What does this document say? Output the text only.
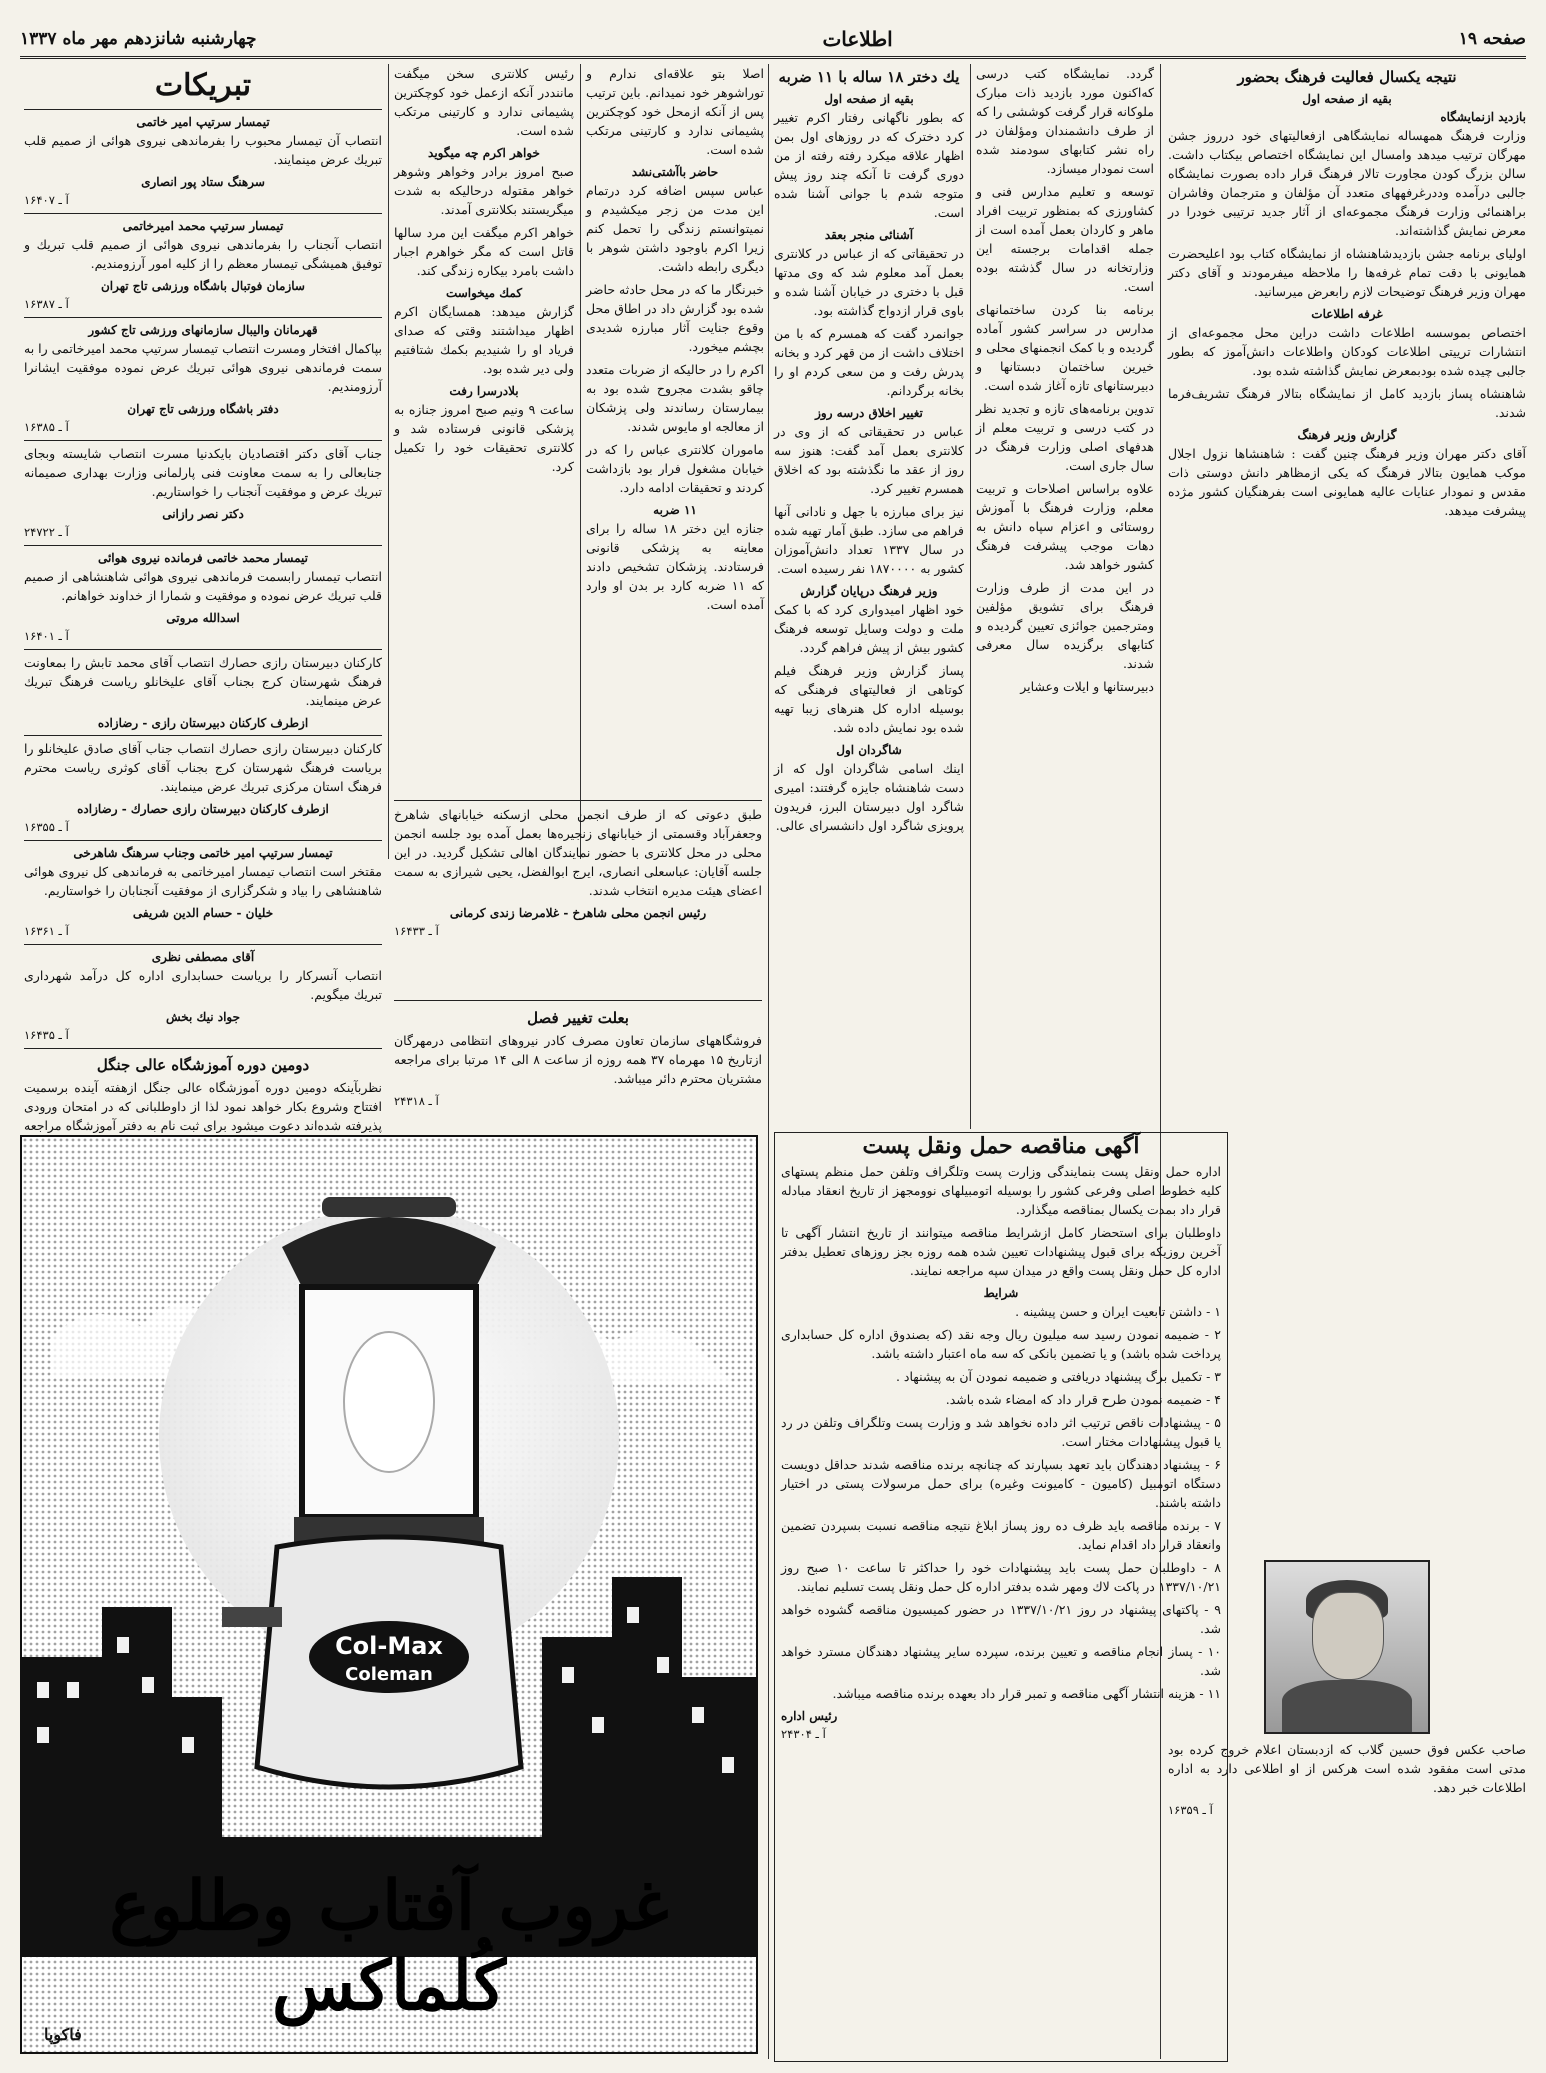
صفحه ۱۹
اطلاعات
چهارشنبه شانزدهم مهر ماه ۱۳۳۷
نتیجه یکسال فعالیت فرهنگ بحضور
بقیه از صفحه اول
بازدید ازنمایشگاه

وزارت فرهنگ همهساله نمایشگاهی ازفعالیتهای خود درروز جشن مهرگان ترتیب میدهد وامسال این نمایشگاه اختصاص بیکتاب داشت. سالن بزرگ کودن مجاورت تالار فرهنگ قرار داده بصورت نمایشگاه جالبی درآمده وددرغرفههای متعدد آن‌ مؤلفان و مترجمان وفاشران براهنمائی وزارت فرهنگ مجموعه‌ای از آثار جدید ترتیبی خودرا در معرض نمایش گذاشته‌اند.

اولیای برنامه جشن بازدیدشاهنشاه از نمایشگاه کتاب بود اعلیحضرت همایونی با دقت تمام غرفه‌ها را ملاحظه میفرمودند و آقای دکتر مهران وزیر فرهنگ توضیحات لازم رابعرض میرسانید.

غرفه اطلاعات

اختصاص بموسسه اطلاعات داشت دراین محل مجموعه‌ای از انتشارات ترییتی اطلاعات کودکان واطلاعات دانش‌آموز که بطور جالبی چیده شده بودبمعرض نمایش گذاشته شده بود.

شاهنشاه پساز بازدید کامل از نمایشگاه بتالار فرهنگ تشریف‌فرما شدند.

گزارش وزیر فرهنگ

آقای دکتر مهران وزیر فرهنگ چنین گفت : شاهنشاها نزول اجلال موکب همایون بتالار فرهنگ که یکی ازمظاهر دانش دوستی ذات مقدس و نمودار عنایات عالیه همایونی است بفرهنگیان کشور مژده پیشرفت میدهد.

صاحب عکس فوق حسین گلاب که ازدبستان اعلام خروج کرده بود مدتی است مفقود شده است هرکس از او اطلاعی دارد به اداره اطلاعات خبر دهد.

آ ـ ۱۶۳۵۹

گردد. نمایشگاه کتب درسی که‌اکنون مورد بازدید ذات مبارک ملوکانه قرار گرفت کوششی را که از طرف دانشمندان ومؤلفان در راه نشر کتابهای سودمند شده است نمودار میسازد.

توسعه و تعلیم مدارس فنی و کشاورزی که بمنظور تربیت افراد ماهر و کاردان بعمل آمده است از جمله اقدامات برجسته این وزارتخانه در سال گذشته بوده است.

برنامه بنا کردن ساختمانهای مدارس در سراسر کشور آماده گردیده و با کمک انجمنهای محلی و خیرین ساختمان دبستانها و دبیرستانهای تازه آغاز شده است.

تدوین برنامه‌های تازه و تجدید نظر در کتب درسی و تربیت معلم از هدفهای اصلی وزارت فرهنگ در سال جاری است.

علاوه براساس اصلاحات و تربیت معلم، وزارت فرهنگ با آموزش روستائی و اعزام سپاه دانش به دهات موجب پیشرفت فرهنگ کشور خواهد شد.

در این مدت از طرف وزارت فرهنگ برای تشویق مؤلفین ومترجمین جوائزی تعیین گردیده و کتابهای برگزیده سال معرفی شدند.

دبیرستانها و ایلات وعشایر

یك دختر ۱۸ ساله با ۱۱ ضربه
بقیه از صفحه اول

که بطور ناگهانی رفتار اکرم تغییر کرد دخترک‌ که در روزهای اول بمن اظهار علاقه میکرد رفته رفته از من دوری گرفت تا آنکه چند روز پیش متوجه شدم با جوانی آشنا شده است.

آشنائی منجر بعقد

در تحقیقاتی که از عباس در کلانتری بعمل آمد معلوم شد که وی مدتها قبل با دختری در خیابان آشنا شده و باوی قرار ازدواج گذاشته بود.

جوانمرد گفت که همسرم که با من اختلاف داشت از من قهر کرد و بخانه پدرش رفت و من سعی کردم او را بخانه برگردانم.

تغییر اخلاق درسه روز

عباس در تحقیقاتی که از وی در کلانتری بعمل آمد گفت: هنوز سه روز از عقد ما نگذشته بود که اخلاق همسرم تغییر کرد.

نیز برای مبارزه با جهل و نادانی آنها فراهم می سازد. طبق آمار تهیه شده در سال ۱۳۳۷ تعداد دانش‌آموزان کشور به ۱۸۷۰۰۰۰ نفر رسیده است.

وزیر فرهنگ درپایان گزارش

خود اظهار امیدواری کرد که با کمک ملت و دولت وسایل توسعه فرهنگ کشور بیش از پیش فراهم گردد.

پساز گزارش وزیر فرهنگ فیلم کوتاهی از فعالیتهای فرهنگی که بوسیله اداره کل هنرهای زیبا تهیه شده بود نمایش داده شد.

شاگردان اول

اینك اسامی شاگردان اول که از دست شاهنشاه جایزه گرفتند: امیری شاگرد اول دبیرستان البرز، فریدون پرویزی شاگرد اول دانشسرای عالی.

اصلا بتو علاقه‌ای ندارم و توراشوهر خود نمیدانم. باین ترتیب پس از آنکه ازمحل خود کوچکترین پشیمانی ندارد و کارتینی مرتکب شده است.

حاضر باآشتی‌نشد

عباس سپس اضافه کرد درتمام این مدت من زجر میکشیدم و نمیتوانستم زندگی را تحمل کنم زیرا اکرم باوجود داشتن شوهر با دیگری رابطه داشت.

خبرنگار ما که در محل حادثه حاضر شده بود گزارش داد در اطاق محل وقوع جنایت آثار مبارزه شدیدی بچشم میخورد.

اکرم را در حالیکه از ضربات متعدد چاقو بشدت مجروح شده بود به بیمارستان رساندند ولی پزشکان از معالجه او مایوس شدند.

ماموران کلانتری عباس را که در خیابان مشغول فرار بود بازداشت کردند و تحقیقات ادامه دارد.

۱۱ ضربه

جنازه این دختر ۱۸ ساله را برای معاینه به پزشکی قانونی فرستادند. پزشکان تشخیص دادند که ۱۱ ضربه کارد بر بدن او وارد آمده است.

رئیس کلانتری سخن میگفت ماننددر آنکه ازعمل خود کوچکترین پشیمانی ندارد و کارتینی مرتکب شده است.

خواهر اکرم چه میگوید

صبح امروز برادر وخواهر وشوهر خواهر مقتوله درحالیکه به شدت میگریستند بکلانتری آمدند.

خواهر اکرم میگفت این مرد سالها قاتل است که مگر خواهرم اجبار داشت بامرد بیکاره زندگی کند.

کمك میخواست

گزارش میدهد: همسایگان اکرم اظهار میداشتند وقتی که صدای فریاد او را شنیدیم بکمك شتافتیم ولی دیر شده بود.

بلادرسرا رفت

ساعت ۹ ونیم صبح امروز جنازه به پزشکی قانونی فرستاده شد و کلانتری تحقیقات خود را تکمیل کرد.

طبق دعوتی که از طرف انجمن محلی ازسکنه خیابانهای شاهرخ وجعفرآباد وقسمتی از خیابانهای زنجیره‌ها بعمل آمده بود جلسه انجمن محلی در محل کلانتری با حضور نمایندگان اهالی تشکیل گردید. در این جلسه آقایان: عباسعلی انصاری، ایرج ابوالفضل، یحیی شیرازی به سمت اعضای هیئت مدیره انتخاب شدند.

رئیس انجمن محلی شاهرخ - غلامرضا زندی کرمانی
آ ـ ۱۶۴۳۳
بعلت تغییر فصل

فروشگاههای سازمان تعاون مصرف کادر نیروهای انتظامی درمهرگان ازتاریخ ۱۵ مهرماه ۳۷ همه روزه از ساعت ۸ الی ۱۴ مرتبا برای مراجعه مشتریان محترم دائر میباشد.

آ ـ ۲۴۳۱۸
تبریکات
تیمسار سرتیپ امیر خاتمی

انتصاب آن تیمسار محبوب را بفرماندهی نیروی هوائی از صمیم قلب تبریك عرض مینمایند.

سرهنگ ستاد پور انصاری
آ ـ ۱۶۴۰۷
تیمسار سرتیپ محمد امیرخاتمی

انتصاب آنجناب را بفرماندهی نیروی هوائی از صمیم قلب تبریك و توفیق همیشگی تیمسار معظم را از کلیه امور آرزومندیم.

سازمان فوتبال باشگاه ورزشی تاج تهران
آ ـ ۱۶۳۸۷
قهرمانان والیبال سازمانهای ورزشی تاج کشور

بپاکمال افتخار ومسرت انتصاب تیمسار سرتیپ محمد امیرخاتمی را به سمت فرماندهی نیروی هوائی تبریك عرض نموده موفقیت ایشانرا آرزومندیم.

دفتر باشگاه ورزشی تاج تهران
آ ـ ۱۶۳۸۵

جناب آقای دکتر اقتصادیان بایکدنیا مسرت انتصاب شایسته وبجای جنابعالی را به سمت معاونت فنی پارلمانی وزارت بهداری صمیمانه تبریك عرض و موفقیت آنجناب را خواستاریم.

دکتر نصر رازانی
آ ـ ۲۴۷۲۲
تیمسار محمد خاتمی فرمانده نیروی هوائی

انتصاب تیمسار رابسمت فرماندهی نیروی هوائی شاهنشاهی از صمیم قلب تبریك عرض نموده و موفقیت و شمارا از خداوند خواهانم.

اسدالله مروتی
آ ـ ۱۶۴۰۱

کارکنان دبیرستان رازی حصارك انتصاب آقای محمد تابش را بمعاونت فرهنگ شهرستان کرج بجناب آقای علیخانلو ریاست فرهنگ تبریك عرض مینمایند.

ازطرف کارکنان دبیرستان رازی - رضازاده

کارکنان دبیرستان رازی حصارك انتصاب جناب آقای صادق علیخانلو را بریاست فرهنگ شهرستان کرج بجناب آقای کوثری ریاست محترم فرهنگ استان مرکزی تبریك عرض مینمایند.

ازطرف کارکنان دبیرستان رازی حصارك - رضازاده
آ ـ ۱۶۳۵۵
تیمسار سرتیپ امیر خاتمی وجناب سرهنگ شاهرخی

مقتخر است انتصاب تیمسار امیرخاتمی به فرماندهی کل نیروی هوائی شاهنشاهی را بیاد و شکرگزاری از موفقیت آنجنابان را خواستاریم.

خلیان - حسام الدین شریفی
آ ـ ۱۶۳۶۱
آقای مصطفی نظری

انتصاب آنسرکار را بریاست حسابداری اداره کل درآمد شهرداری تبریك میگویم.

جواد نیك بخش
آ ـ ۱۶۴۳۵
دومین دوره آموزشگاه عالی جنگل

نظربآینکه دومین دوره آموزشگاه عالی جنگل ازهفته آینده برسمیت افتتاح وشروع بکار خواهد نمود لذا از داوطلبانی که در امتحان ورودی پذیرفته شده‌اند دعوت میشود برای ثبت نام به دفتر آموزشگاه مراجعه

آگهی مناقصه حمل ونقل پست

اداره حمل ونقل پست بنمایندگی وزارت پست وتلگراف وتلفن حمل منظم پستهای کلیه خطوط اصلی وفرعی کشور را بوسیله اتومبیلهای نوومجهز از تاریخ انعقاد مبادله قرار داد بمدت یکسال بمناقصه میگذارد.

داوطلبان برای استحضار کامل ازشرایط مناقصه میتوانند از تاریخ انتشار آگهی تا آخرین روزیکه برای قبول پیشنهادات تعیین شده همه روزه بجز روزهای تعطیل بدفتر اداره کل حمل ونقل پست واقع در میدان سپه مراجعه نمایند.

شرایط

۱ - داشتن تابعیت ایران و حسن پیشینه .

۲ - ضمیمه نمودن رسید سه میلیون ریال وجه نقد (که بصندوق اداره کل حسابداری پرداخت شده باشد) و یا تضمین بانکی که سه ماه اعتبار داشته باشد.

۳ - تکمیل برگ پیشنهاد دریافتی و ضمیمه نمودن آن به پیشنهاد .

۴ - ضمیمه نمودن طرح قرار داد که امضاء شده باشد.

۵ - پیشنهادات ناقص ترتیب اثر داده نخواهد شد و وزارت پست وتلگراف وتلفن در رد یا قبول پیشنهادات مختار است.

۶ - پیشنهاد دهندگان باید تعهد بسپارند که چنانچه برنده مناقصه شدند حداقل دویست دستگاه اتومبیل (کامیون - کامیونت وغیره) برای حمل مرسولات پستی در اختیار داشته باشند.

۷ - برنده مناقصه باید ظرف ده روز پساز ابلاغ نتیجه مناقصه نسبت بسپردن تضمین وانعقاد قرار داد اقدام نماید.

۸ - داوطلبان حمل پست باید پیشنهادات خود را حداکثر تا ساعت ۱۰ صبح روز ۱۳۳۷/۱۰/۲۱ در پاکت لاك ومهر شده بدفتر اداره کل حمل ونقل پست تسلیم نمایند.

۹ - پاکتهای پیشنهاد در روز ۱۳۳۷/۱۰/۲۱ در حضور کمیسیون مناقصه گشوده خواهد شد.

۱۰ - پساز انجام مناقصه و تعیین برنده، سپرده سایر پیشنهاد دهندگان مسترد خواهد شد.

۱۱ - هزینه انتشار آگهی مناقصه و تمبر قرار داد بعهده برنده مناقصه میباشد.

رئیس اداره
آ ـ ۲۴۳۰۴
Col-Max
Coleman
غروب آفتاب وطلوع کُلماکس
فاکوپا
